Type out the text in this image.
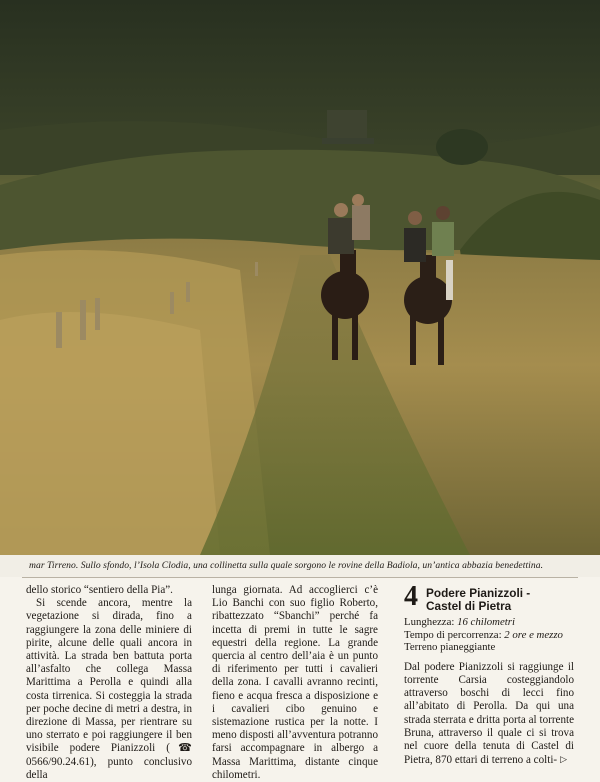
mar Tirreno. Sullo sfondo, l’Isola Clodia, una collinetta sulla quale sorgono le rovine della Badiola, un’antica abbazia benedettina.

dello storico “sentiero della Pia”.

Si scende ancora, mentre la vegetazione si dirada, fino a raggiungere la zona delle miniere di pirite, alcune delle quali ancora in attività. La strada ben battuta porta all’asfalto che collega Massa Marittima a Perolla e quindi alla costa tirrenica. Si costeggia la strada per poche decine di metri a destra, in direzione di Massa, per rientrare su uno sterrato e poi raggiungere il ben visibile podere Pianizzoli (☎ 0566/90.24.61), punto conclusivo della

lunga giornata. Ad accoglierci c’è Lio Banchi con suo figlio Roberto, ribattezzato “Sbanchi” perché fa incetta di premi in tutte le sagre equestri della regione. La grande quercia al centro dell’aia è un punto di riferimento per tutti i cavalieri della zona. I cavalli avranno recinti, fieno e acqua fresca a disposizione e i cavalieri cibo genuino e sistemazione rustica per la notte. I meno disposti all’avventura potranno farsi accompagnare in albergo a Massa Marittima, distante cinque chilometri.

4 Podere Pianizzoli -
Castel di Pietra

Lunghezza: 16 chilometri

Tempo di percorrenza: 2 ore e mezzo

Terreno pianeggiante

Dal podere Pianizzoli si raggiunge il torrente Carsia costeggiandolo attraverso boschi di lecci fino all’abitato di Perolla. Da qui una strada sterrata e dritta porta al torrente Bruna, attraverso il quale ci si trova nel cuore della tenuta di Castel di Pietra, 870 ettari di terreno a colti- ▷
